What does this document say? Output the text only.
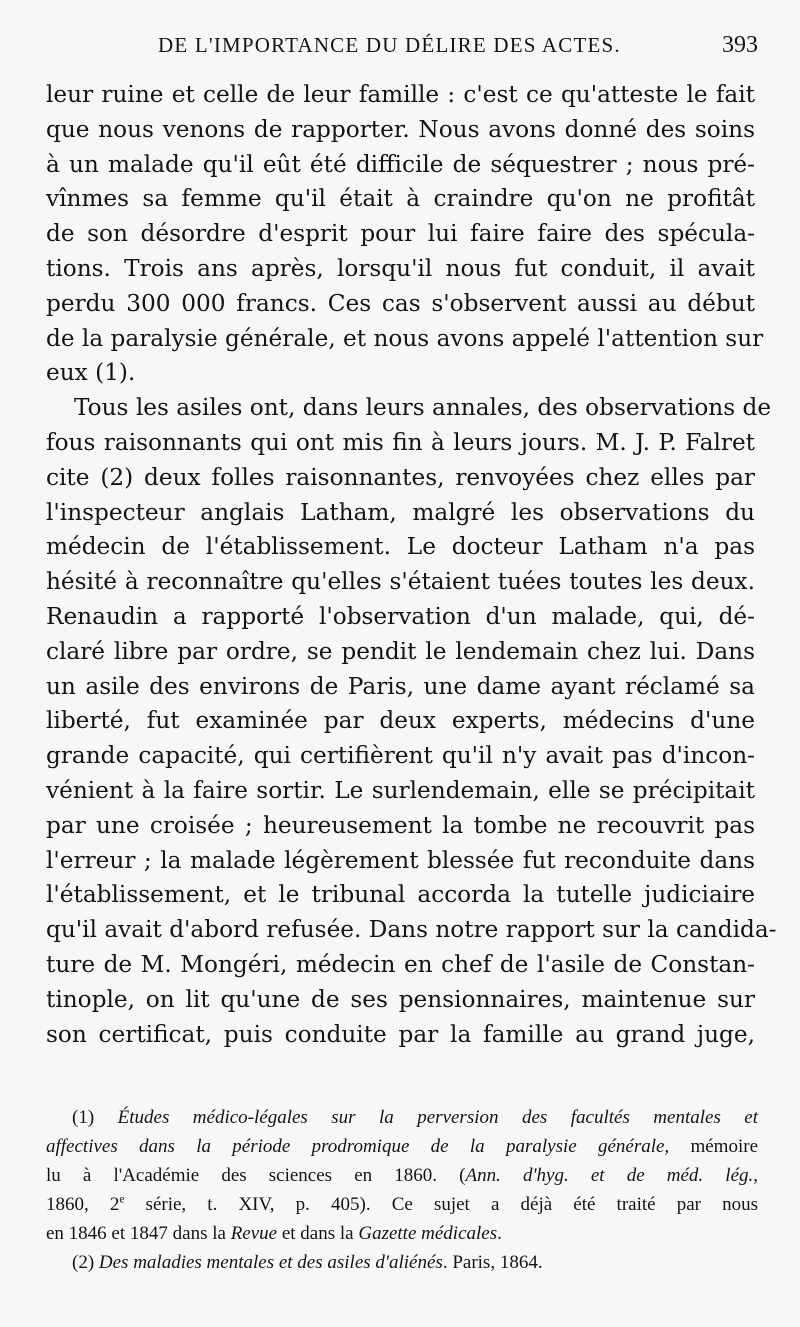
DE L'IMPORTANCE DU DÉLIRE DES ACTES.	393
leur ruine et celle de leur famille : c'est ce qu'atteste le fait
que nous venons de rapporter. Nous avons donné des soins
à un malade qu'il eût été difficile de séquestrer ; nous pré-
vînmes sa femme qu'il était à craindre qu'on ne profitât
de son désordre d'esprit pour lui faire faire des spécula-
tions. Trois ans après, lorsqu'il nous fut conduit, il avait
perdu 300 000 francs. Ces cas s'observent aussi au début
de la paralysie générale, et nous avons appelé l'attention sur
eux (1).
Tous les asiles ont, dans leurs annales, des observations de
fous raisonnants qui ont mis fin à leurs jours. M. J. P. Falret
cite (2) deux folles raisonnantes, renvoyées chez elles par
l'inspecteur anglais Latham, malgré les observations du
médecin de l'établissement. Le docteur Latham n'a pas
hésité à reconnaître qu'elles s'étaient tuées toutes les deux.
Renaudin a rapporté l'observation d'un malade, qui, dé-
claré libre par ordre, se pendit le lendemain chez lui. Dans
un asile des environs de Paris, une dame ayant réclamé sa
liberté, fut examinée par deux experts, médecins d'une
grande capacité, qui certifièrent qu'il n'y avait pas d'incon-
vénient à la faire sortir. Le surlendemain, elle se précipitait
par une croisée ; heureusement la tombe ne recouvrit pas
l'erreur ; la malade légèrement blessée fut reconduite dans
l'établissement, et le tribunal accorda la tutelle judiciaire
qu'il avait d'abord refusée. Dans notre rapport sur la candida-
ture de M. Mongéri, médecin en chef de l'asile de Constan-
tinople, on lit qu'une de ses pensionnaires, maintenue sur
son certificat, puis conduite par la famille au grand juge,
(1) Études médico-légales sur la perversion des facultés mentales et
affectives dans la période prodromique de la paralysie générale, mémoire
lu à l'Académie des sciences en 1860. (Ann. d'hyg. et de méd. lég.,
1860, 2e série, t. XIV, p. 405). Ce sujet a déjà été traité par nous
en 1846 et 1847 dans la Revue et dans la Gazette médicales.
(2) Des maladies mentales et des asiles d'aliénés. Paris, 1864.
